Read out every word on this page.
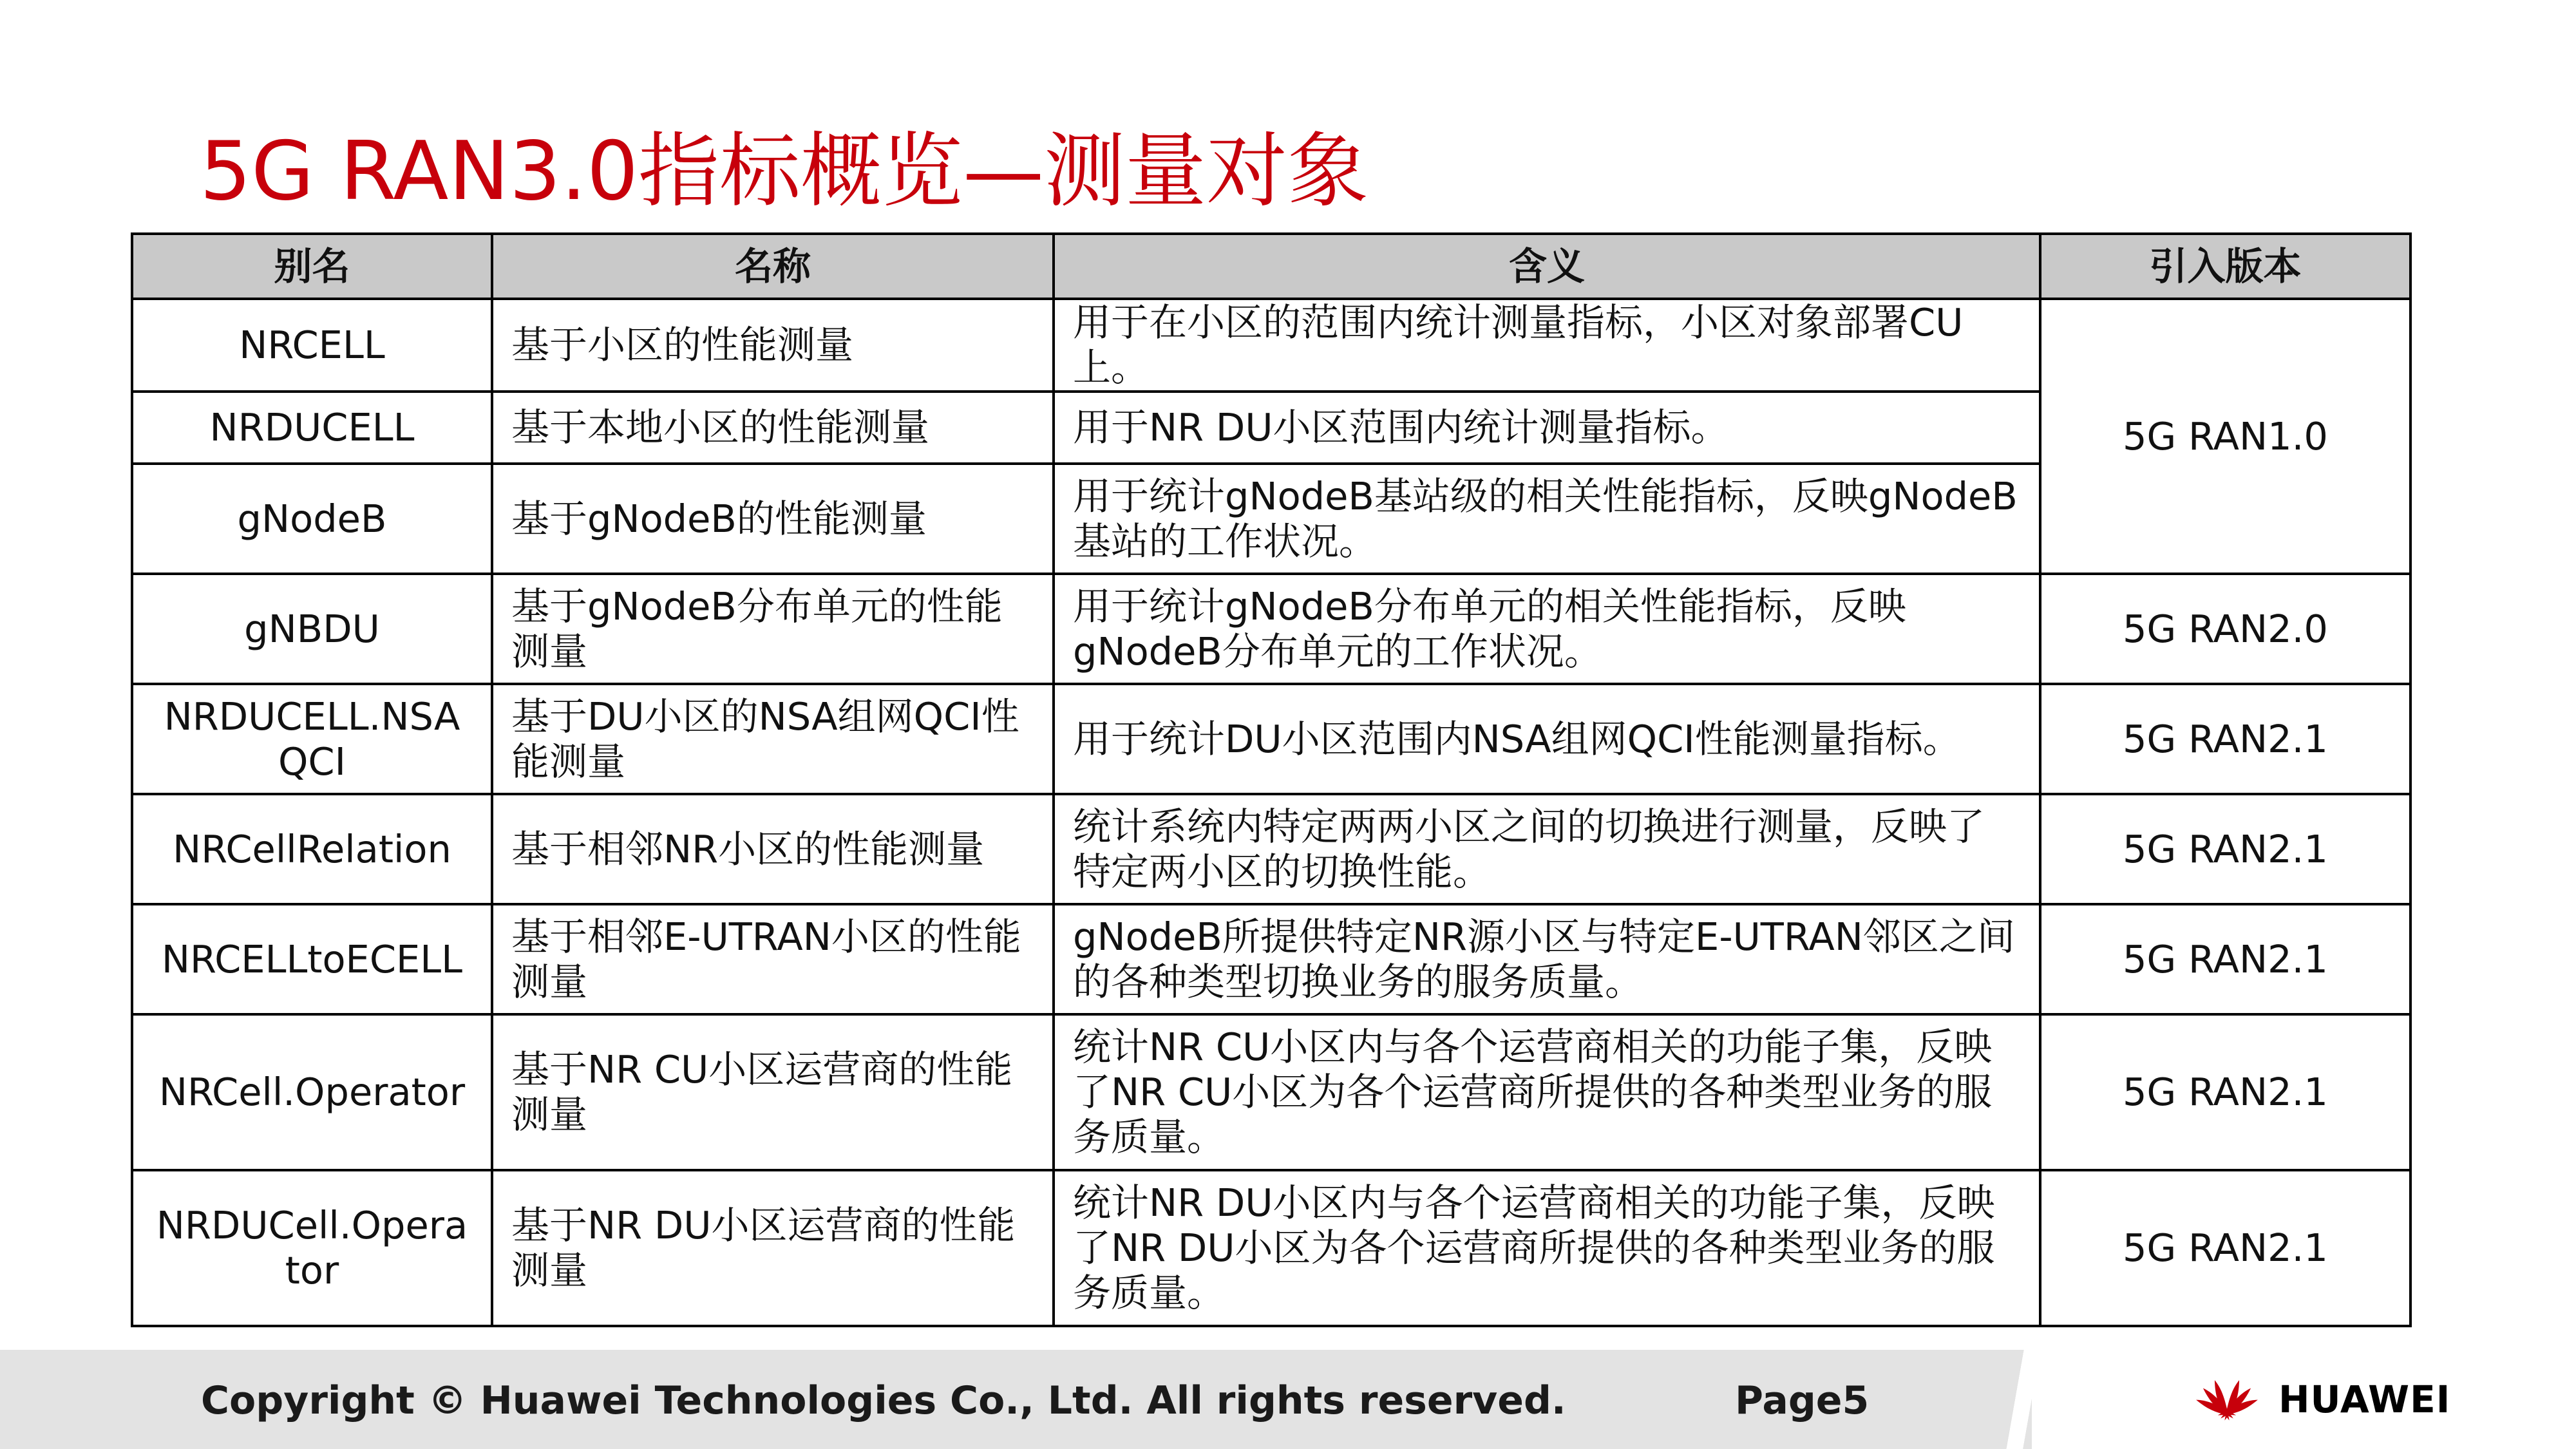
5G RAN3.0指标概览—测量对象
别名	名称	含义	引入版本
NRCELL	基于小区的性能测量	用于在小区的范围内统计测量指标，小区对象部署CU上。	5G RAN1.0
NRDUCELL	基于本地小区的性能测量	用于NR DU小区范围内统计测量指标。	
gNodeB	基于gNodeB的性能测量	用于统计gNodeB基站级的相关性能指标，反映gNodeB基站的工作状况。	
gNBDU	基于gNodeB分布单元的性能测量	用于统计gNodeB分布单元的相关性能指标，反映gNodeB分布单元的工作状况。	5G RAN2.0
NRDUCELL.NSAQCI	基于DU小区的NSA组网QCI性能测量	用于统计DU小区范围内NSA组网QCI性能测量指标。	5G RAN2.1
NRCellRelation	基于相邻NR小区的性能测量	统计系统内特定两两小区之间的切换进行测量，反映了特定两小区的切换性能。	5G RAN2.1
NRCELLtoECELL	基于相邻E-UTRAN小区的性能测量	gNodeB所提供特定NR源小区与特定E-UTRAN邻区之间的各种类型切换业务的服务质量。	5G RAN2.1
NRCell.Operator	基于NR CU小区运营商的性能测量	统计NR CU小区内与各个运营商相关的功能子集，反映了NR CU小区为各个运营商所提供的各种类型业务的服务质量。	5G RAN2.1
NRDUCell.Operator	基于NR DU小区运营商的性能测量	统计NR DU小区内与各个运营商相关的功能子集，反映了NR DU小区为各个运营商所提供的各种类型业务的服务质量。	5G RAN2.1
Copyright © Huawei Technologies Co., Ltd. All rights reserved.	Page5	HUAWEI
